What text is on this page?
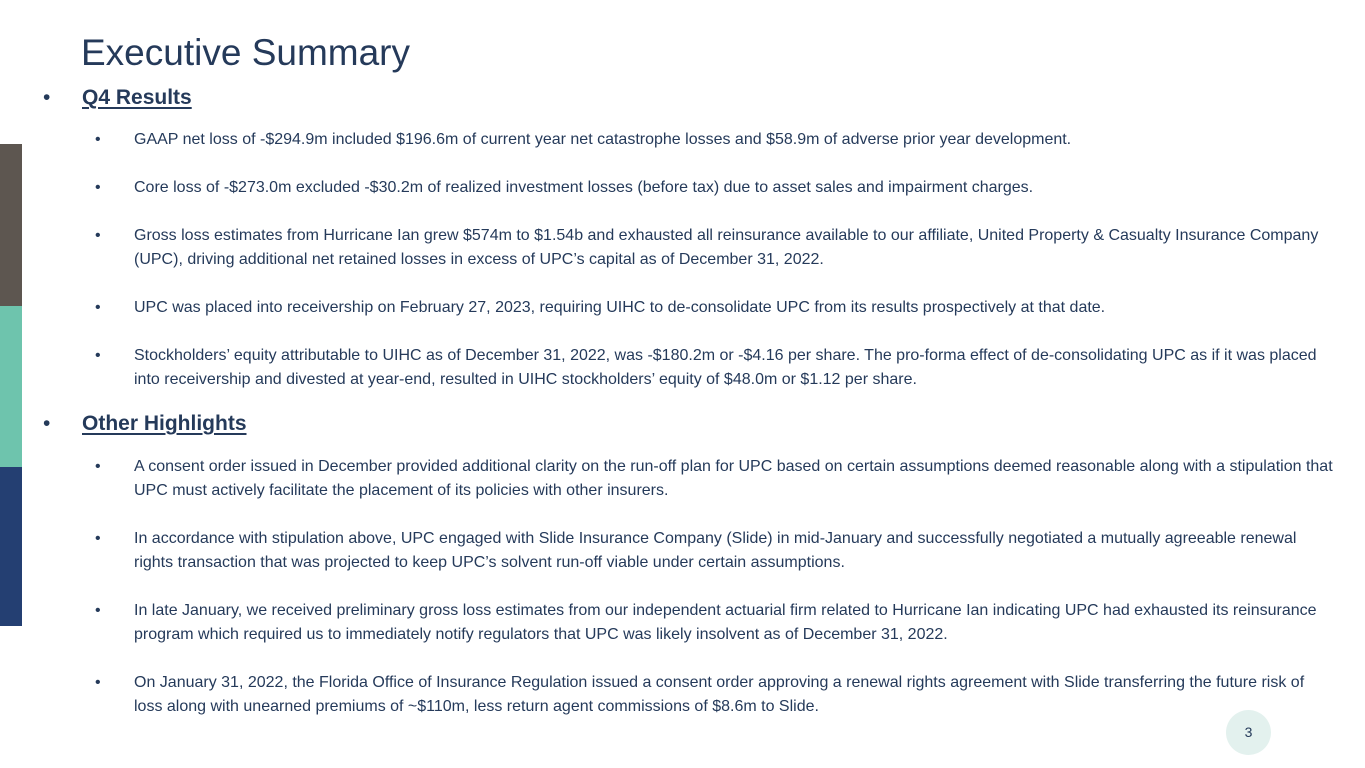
Executive Summary
• Q4 Results
• GAAP net loss of -$294.9m included $196.6m of current year net catastrophe losses and $58.9m of adverse prior year development.
• Core loss of -$273.0m excluded -$30.2m of realized investment losses (before tax) due to asset sales and impairment charges.
• Gross loss estimates from Hurricane Ian grew $574m to $1.54b and exhausted all reinsurance available to our affiliate, United Property & Casualty Insurance Company (UPC), driving additional net retained losses in excess of UPC’s capital as of December 31, 2022.
• UPC was placed into receivership on February 27, 2023, requiring UIHC to de-consolidate UPC from its results prospectively at that date.
• Stockholders’ equity attributable to UIHC as of December 31, 2022, was -$180.2m or -$4.16 per share. The pro-forma effect of de-consolidating UPC as if it was placed into receivership and divested at year-end, resulted in UIHC stockholders’ equity of $48.0m or $1.12 per share.
• Other Highlights
• A consent order issued in December provided additional clarity on the run-off plan for UPC based on certain assumptions deemed reasonable along with a stipulation that UPC must actively facilitate the placement of its policies with other insurers.
• In accordance with stipulation above, UPC engaged with Slide Insurance Company (Slide) in mid-January and successfully negotiated a mutually agreeable renewal rights transaction that was projected to keep UPC’s solvent run-off viable under certain assumptions.
• In late January, we received preliminary gross loss estimates from our independent actuarial firm related to Hurricane Ian indicating UPC had exhausted its reinsurance program which required us to immediately notify regulators that UPC was likely insolvent as of December 31, 2022.
• On January 31, 2022, the Florida Office of Insurance Regulation issued a consent order approving a renewal rights agreement with Slide transferring the future risk of loss along with unearned premiums of ~$110m, less return agent commissions of $8.6m to Slide.
3
